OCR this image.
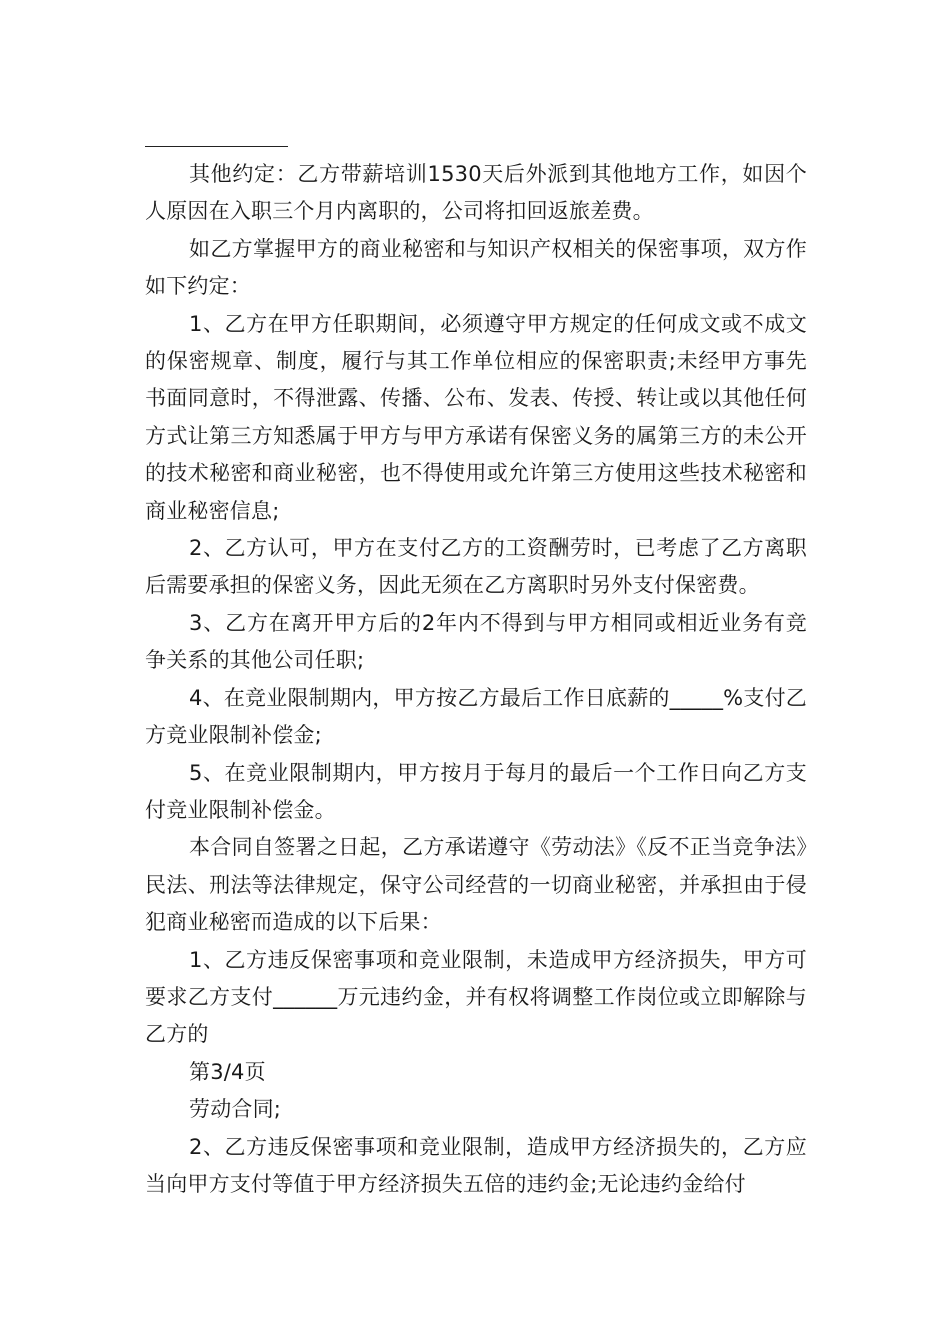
其他约定：乙方带薪培训1530天后外派到其他地方工作，如因个人原因在入职三个月内离职的，公司将扣回返旅差费。

如乙方掌握甲方的商业秘密和与知识产权相关的保密事项，双方作如下约定：

1、乙方在甲方任职期间，必须遵守甲方规定的任何成文或不成文的保密规章、制度，履行与其工作单位相应的保密职责;未经甲方事先书面同意时，不得泄露、传播、公布、发表、传授、转让或以其他任何方式让第三方知悉属于甲方与甲方承诺有保密义务的属第三方的未公开的技术秘密和商业秘密，也不得使用或允许第三方使用这些技术秘密和商业秘密信息;

2、乙方认可，甲方在支付乙方的工资酬劳时，已考虑了乙方离职后需要承担的保密义务，因此无须在乙方离职时另外支付保密费。

3、乙方在离开甲方后的2年内不得到与甲方相同或相近业务有竞争关系的其他公司任职;

4、在竞业限制期内，甲方按乙方最后工作日底薪的_____%支付乙方竞业限制补偿金;

5、在竞业限制期内，甲方按月于每月的最后一个工作日向乙方支付竞业限制补偿金。

本合同自签署之日起，乙方承诺遵守《劳动法》《反不正当竞争法》民法、刑法等法律规定，保守公司经营的一切商业秘密，并承担由于侵犯商业秘密而造成的以下后果：

1、乙方违反保密事项和竞业限制，未造成甲方经济损失，甲方可要求乙方支付______万元违约金，并有权将调整工作岗位或立即解除与乙方的

第3/4页

劳动合同;

2、乙方违反保密事项和竞业限制，造成甲方经济损失的，乙方应当向甲方支付等值于甲方经济损失五倍的违约金;无论违约金给付
